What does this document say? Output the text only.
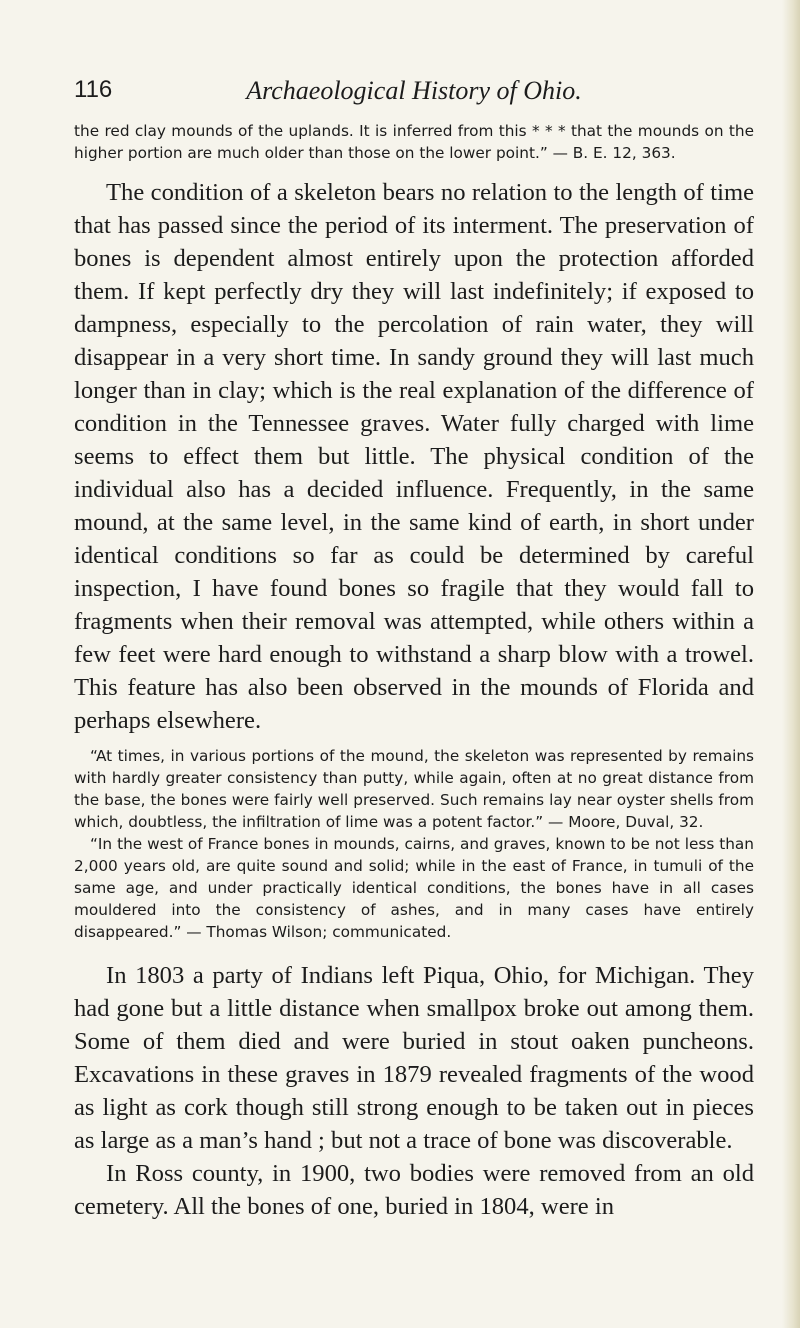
116	Archaeological History of Ohio.

the red clay mounds of the uplands. It is inferred from this * * * that the mounds on the higher portion are much older than those on the lower point.” — B. E. 12, 363.

The condition of a skeleton bears no relation to the length of time that has passed since the period of its interment. The preservation of bones is dependent almost entirely upon the protection afforded them. If kept perfectly dry they will last indefinitely; if exposed to dampness, especially to the percolation of rain water, they will disappear in a very short time. In sandy ground they will last much longer than in clay; which is the real explanation of the difference of condition in the Tennessee graves. Water fully charged with lime seems to effect them but little. The physical condition of the individual also has a decided influence. Frequently, in the same mound, at the same level, in the same kind of earth, in short under identical conditions so far as could be determined by careful inspection, I have found bones so fragile that they would fall to fragments when their removal was attempted, while others within a few feet were hard enough to withstand a sharp blow with a trowel. This feature has also been observed in the mounds of Florida and perhaps elsewhere.

“At times, in various portions of the mound, the skeleton was represented by remains with hardly greater consistency than putty, while again, often at no great distance from the base, the bones were fairly well preserved. Such remains lay near oyster shells from which, doubtless, the infiltration of lime was a potent factor.” — Moore, Duval, 32.

“In the west of France bones in mounds, cairns, and graves, known to be not less than 2,000 years old, are quite sound and solid; while in the east of France, in tumuli of the same age, and under practically identical conditions, the bones have in all cases mouldered into the consistency of ashes, and in many cases have entirely disappeared.” — Thomas Wilson; communicated.

In 1803 a party of Indians left Piqua, Ohio, for Michigan. They had gone but a little distance when smallpox broke out among them. Some of them died and were buried in stout oaken puncheons. Excavations in these graves in 1879 revealed fragments of the wood as light as cork though still strong enough to be taken out in pieces as large as a man’s hand ; but not a trace of bone was discoverable.

In Ross county, in 1900, two bodies were removed from an old cemetery. All the bones of one, buried in 1804, were in
